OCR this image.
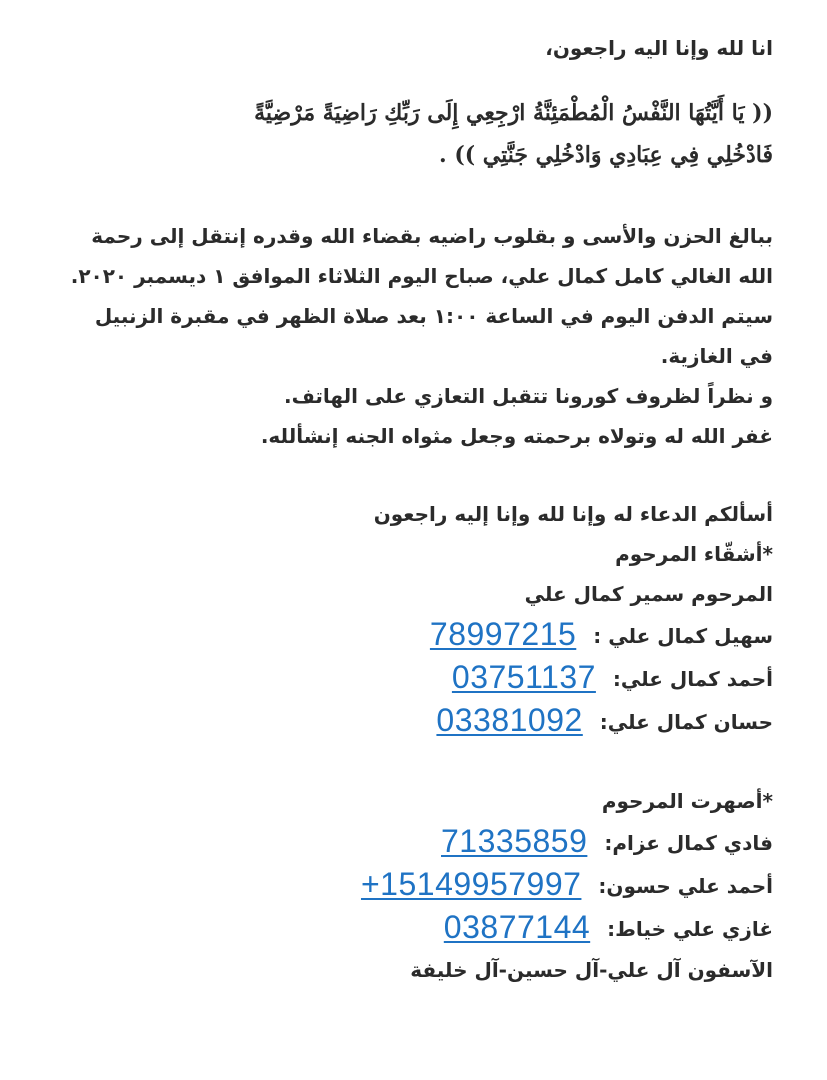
انا لله وإنا اليه راجعون،
(( يَا أَيَّتُهَا النَّفْسُ الْمُطْمَئِنَّةُ ارْجِعِي إِلَى رَبِّكِ رَاضِيَةً مَرْضِيَّةً
فَادْخُلِي فِي عِبَادِي وَادْخُلِي جَنَّتِي )) .
ببالغ الحزن والأسى و بقلوب راضيه بقضاء الله وقدره إنتقل إلى رحمة الله الغالي كامل كمال علي، صباح اليوم الثلاثاء الموافق ١ ديسمبر ٢٠٢٠.
سيتم الدفن اليوم في الساعة ١:٠٠ بعد صلاة الظهر في مقبرة الزنبيل في الغازية.
و نظراً لظروف كورونا تتقبل التعازي على الهاتف.
غفر الله له وتولاه برحمته وجعل مثواه الجنه إنشألله.
أسألكم الدعاء له وإنا لله وإنا إليه راجعون
*أشقّاء المرحوم
المرحوم سمير كمال علي
سهيل كمال علي : 78997215
أحمد كمال علي: 03751137
حسان كمال علي: 03381092
*أصهرت المرحوم
فادي كمال عزام: 71335859
أحمد علي حسون: +15149957997
غازي علي خياط: 03877144
الآسفون آل علي-آل حسين-آل خليفة
